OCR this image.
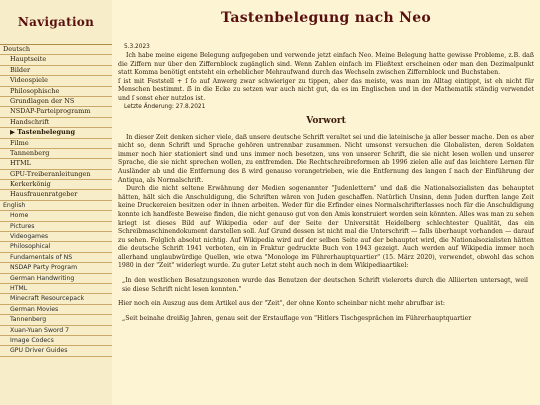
Navigation
Deutsch
Hauptseite
Bilder
Videospiele
Philosophische
Grundlagen der NS
NSDAP-Parteiprogramm
Handschrift
▶ Tastenbelegung
Filme
Tannenberg
HTML
GPU-Treiberanleitungen
Kerkerkönig
Hausfrauenratgeber
English
Home
Pictures
Videogames
Philosophical
Fundamentals of NS
NSDAP Party Program
German Handwriting
HTML
Minecraft Resourcepack
German Movies
Tannenberg
Xuan-Yuan Sword 7
Image Codecs
GPU Driver Guides
Tastenbelegung nach Neo
5.3.2023

Ich habe meine eigene Belegung aufgegeben und verwende jetzt einfach Neo. Meine Belegung hatte gewisse Probleme, z.B. daß die Ziffern nur über den Ziffernblock zugänglich sind. Wenn Zahlen einfach im Fließtext erscheinen oder man den Dezimalpunkt statt Komma benötigt entsteht ein erheblicher Mehraufwand durch das Wechseln zwischen Ziffernblock und Buchstaben.

ſ ist mit Feststell + ſ ſo auf Anwerg zwar schwieriger zu tippen, aber das meiste, was man im Alltag eintippt, ist eh nicht für Menschen bestimmt. ẞ in die Ecke zu setzen war auch nicht gut, da es im Englischen und in der Mathematik ständig verwendet und ſ sonst eher nutzlos ist.

Letzte Änderung: 27.8.2021
Vorwort

In dieser Zeit denken sicher viele, daß unsere deutsche Schrift veraltet sei und die lateinische ja aller besser mache. Den es aber nicht so, denn Schrift und Sprache gehören untrennbar zusammen. Nicht umsonst versuchen die Globalisten, deren Soldaten immer noch hier stationiert sind und uns immer noch besetzen, uns von unserer Schrift, die sie nicht lesen wollen und unserer Sprache, die sie nicht sprechen wollen, zu entfremden. Die Rechtschreibreformen ab 1996 zielen alle auf das leichtere Lernen für Ausländer ab und die Entfernung des ß wird genauso vorangetrieben, wie die Entfernung des langen ſ nach der Einführung der Antiqua, als Normalschrift.

Durch die nicht seltene Erwähnung der Medien sogenannter "Judenlettern" und daß die Nationalsozialisten das behauptet hätten, hält sich die Anschuldigung, die Schriften wären von Juden geschaffen. Natürlich Unsinn, denn Juden durften lange Zeit keine Druckereien besitzen oder in ihnen arbeiten. Weder für die Erfinder eines Normalschrifterlasses noch für die Anschuldigung konnte ich handfeste Beweise finden, die nicht genauso gut von den Amis konstruiert worden sein könnten. Alles was man zu sehen kriegt ist dieses Bild auf Wikipedia oder auf der Seite der Universität Heidelberg schlechtester Qualität, das ein Schreibmaschinendokument darstellen soll. Auf Grund dessen ist nicht mal die Unterschrift — falls überhaupt vorhanden — darauf zu sehen. Folglich absolut nichtig. Auf Wikipedia wird auf der selben Seite auf der behauptet wird, die Nationalsozialisten hätten die deutsche Schrift 1941 verboten, ein in Fraktur gedruckte Buch von 1943 gezeigt. Auch werden auf Wikipedia immer noch allerhand unglaubwürdige Quellen, wie etwa "Monologe im Führerhauptquartier" (15. März 2020), verwendet, obwohl das schon 1980 in der "Zeit" widerlegt wurde. Zu guter Letzt steht auch noch in dem Wikipediaartikel:

„In den westlichen Besatzungszonen wurde das Benutzen der deutschen Schrift vielerorts durch die Alliierten untersagt, weil sie diese Schrift nicht lesen konnten."

Hier noch ein Auszug aus dem Artikel aus der "Zeit", der ohne Konto scheinbar nicht mehr abrufbar ist:

„Seit beinahe dreißig Jahren, genau seit der Erstauflage von "Hitlers Tischgesprächen im Führerhauptquartier
